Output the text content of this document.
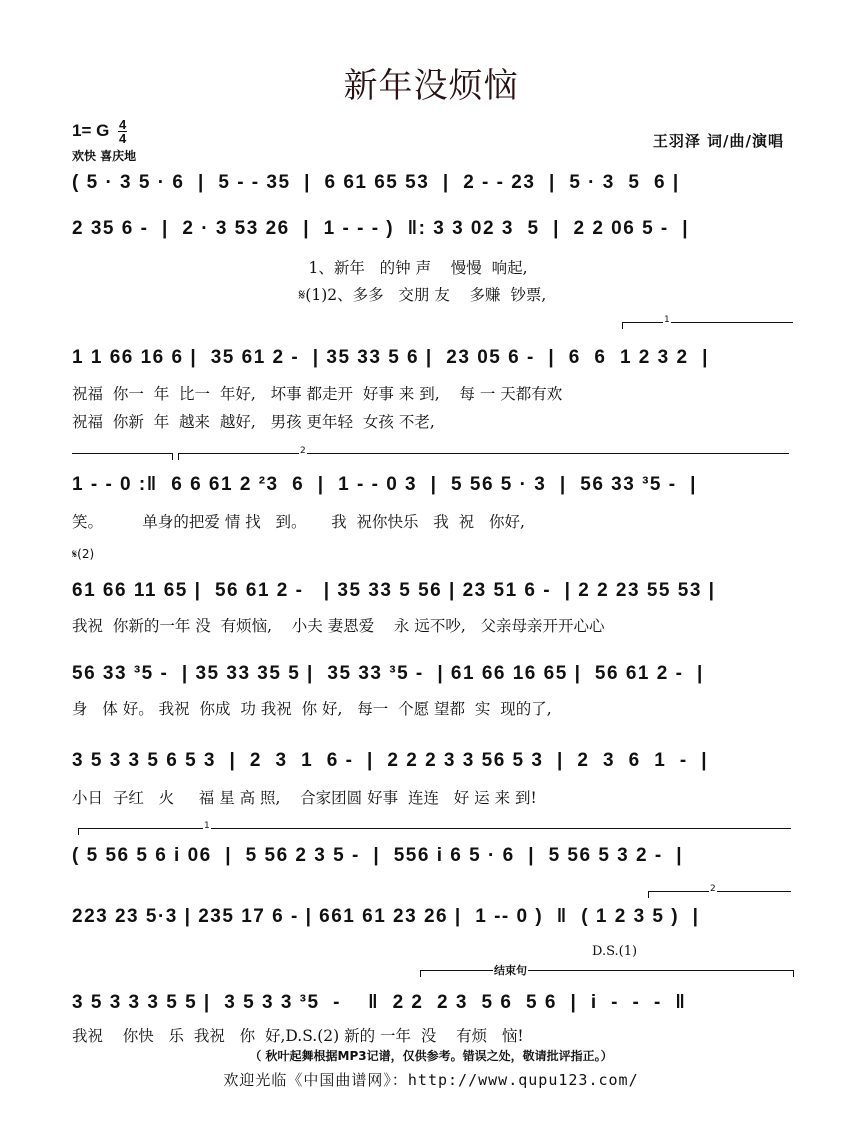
新年没烦恼
1= G $\frac{4}{4}$
欢快 喜庆地
王羽泽 词/曲/演唱
( 5 · 3 5 · 6  |  5 - - 35  |  6 61 65 53  |  2 - - 23  |  5 · 3  5  6 |
2 35 6 -  |  2 · 3 53 26  |  1 - - - )  ‖: 3 3 02 3  5  |  2 2 06 5 -  |
1、新年   的钟 声    慢慢  响起,
𝄋(1)2、多多   交朋 友    多赚  钞票,
1
1 1 66 16 6 |  35 61 2 -  | 35 33 5 6 |  23 05 6 -  |  6  6  1 2 3 2  |
祝福  你一  年  比一  年好,   坏事 都走开  好事 来 到,    每 一 天都有欢
祝福  你新  年  越来  越好,   男孩 更年轻  女孩 不老,
2
1 - - 0 :‖  6 6 61 2 ²3  6  |  1 - - 0 3  |  5 56 5 · 3  |  56 33 ³5 -  |
笑。        单身的把爱 情 找   到。     我  祝你快乐   我  祝   你好,
𝄋(2)
61 66 11 65 |  56 61 2 -   | 35 33 5 56 | 23 51 6 -  | 2 2 23 55 53 |
我祝  你新的一年 没  有烦恼,    小夫 妻恩爱    永 远不吵,   父亲母亲开开心心
56 33 ³5 -  | 35 33 35 5 |  35 33 ³5 -  | 61 66 16 65 |  56 61 2 -  |
身   体 好。 我祝  你成  功 我祝  你 好,   每一  个愿 望都  实  现的了,
3 5 3 3 5 6 5 3  |  2  3  1  6 -  |  2 2 2 3 3 56 5 3  |  2  3  6  1  -  |
小日  子红   火     福 星 高 照,    合家团圆 好事  连连   好 运 来 到!
1
( 5 56 5 6 i 06  |  5 56 2 3 5 -  |  556 i 6 5 · 6  |  5 56 5 3 2 -  |
2
223 23 5·3 | 235 17 6 - | 661 61 23 26 |  1 -- 0 )  ‖  ( 1 2 3 5 )  |
D.S.(1)
结束句
3 5 3 3 3 5 5 |  3 5 3 3 ³5  -    ‖  2 2  2 3  5 6  5 6  |  i  -  -  -  ‖
我祝    你快   乐  我祝   你  好,D.S.(2) 新的 一年  没    有烦   恼!
（ 秋叶起舞根据MP3记谱，仅供参考。错误之处，敬请批评指正。）
欢迎光临《中国曲谱网》：http://www.qupu123.com/
